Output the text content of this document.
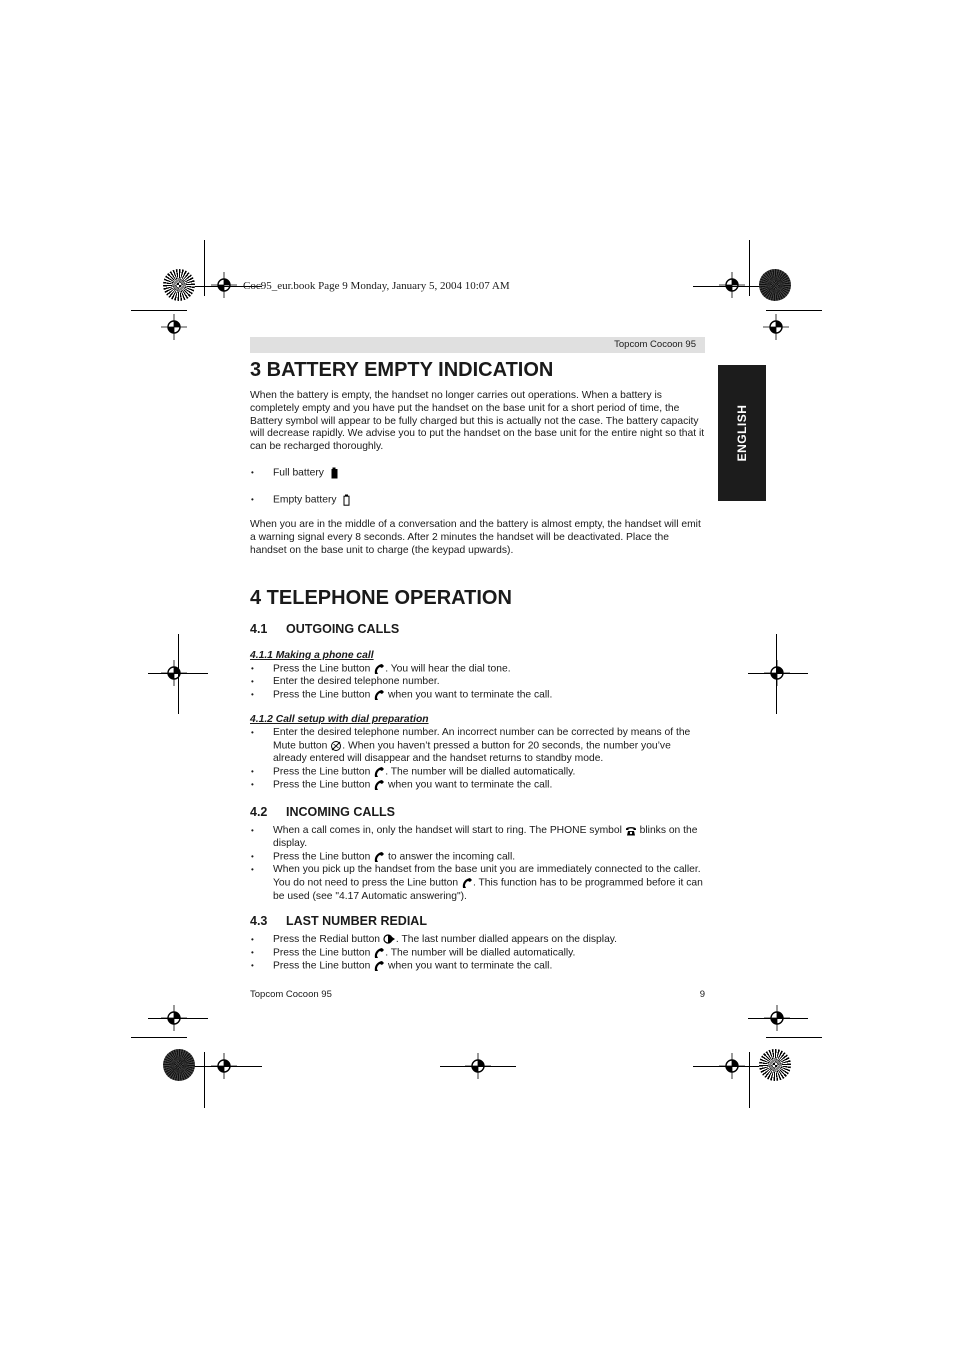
Coc95_eur.book Page 9 Monday, January 5, 2004 10:07 AM
Topcom Cocoon 95
ENGLISH
3 BATTERY EMPTY INDICATION

When the battery is empty, the handset no longer carries out operations. When a battery is completely empty and you have put the handset on the base unit for a short period of time, the Battery symbol will appear to be fully charged but this is actually not the case. The battery capacity will decrease rapidly. We advise you to put the handset on the base unit for the entire night so that it can be recharged thoroughly.

• Full battery
• Empty battery

When you are in the middle of a conversation and the battery is almost empty, the handset will emit a warning signal every 8 seconds. After 2 minutes the handset will be deactivated. Place the handset on the base unit to charge (the keypad upwards).

4 TELEPHONE OPERATION
4.1 OUTGOING CALLS
4.1.1 Making a phone call
• Press the Line button . You will hear the dial tone.
• Enter the desired telephone number.
• Press the Line button  when you want to terminate the call.
4.1.2 Call setup with dial preparation
• Enter the desired telephone number. An incorrect number can be corrected by means of the Mute button . When you haven’t pressed a button for 20 seconds, the number you’ve already entered will disappear and the handset returns to standby mode.
• Press the Line button . The number will be dialled automatically.
• Press the Line button  when you want to terminate the call.
4.2 INCOMING CALLS
• When a call comes in, only the handset will start to ring. The PHONE symbol  blinks on the display.
• Press the Line button  to answer the incoming call.
• When you pick up the handset from the base unit you are immediately connected to the caller. You do not need to press the Line button . This function has to be programmed before it can be used (see "4.17 Automatic answering").
4.3 LAST NUMBER REDIAL
• Press the Redial button . The last number dialled appears on the display.
• Press the Line button . The number will be dialled automatically.
• Press the Line button  when you want to terminate the call.
Topcom Cocoon 95	9
